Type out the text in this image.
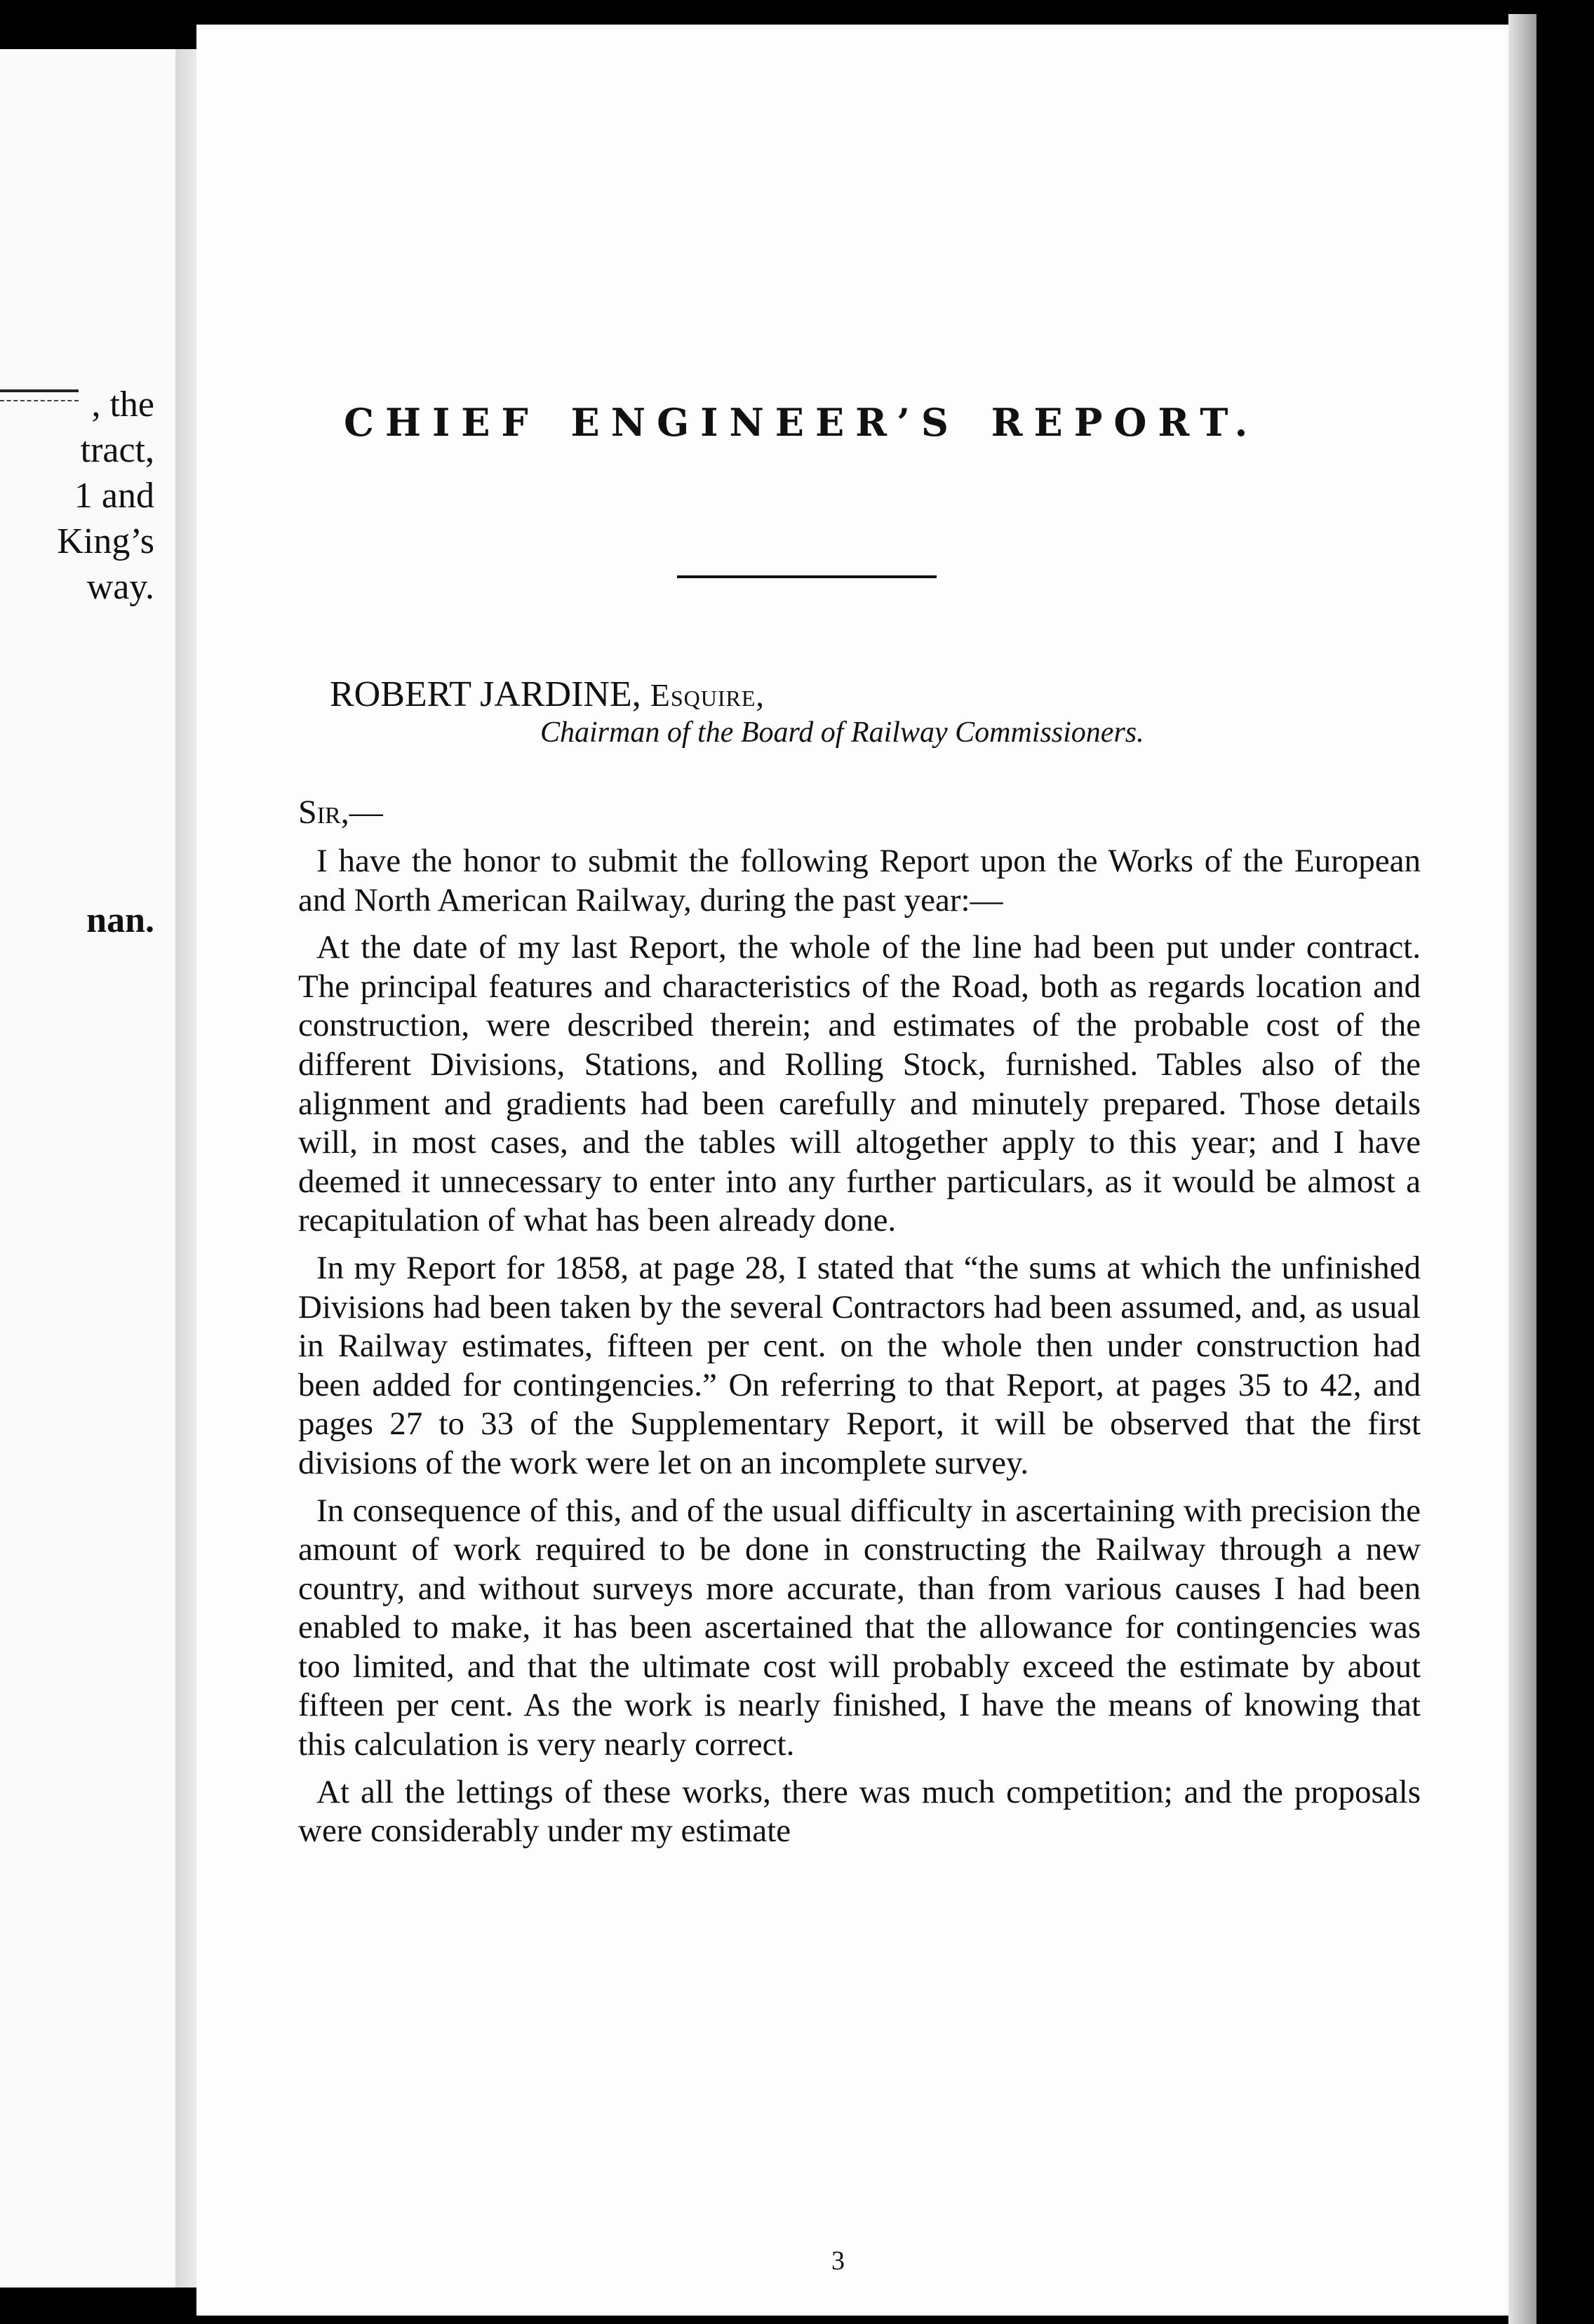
, the
tract,
1 and
King’s
way.
nan.
CHIEF ENGINEER’S REPORT.
ROBERT JARDINE, Esquire,
Chairman of the Board of Railway Commissioners.
Sir,—

I have the honor to submit the following Report upon the Works of the European and North American Railway, during the past year:—

At the date of my last Report, the whole of the line had been put under contract. The principal features and characteristics of the Road, both as regards location and construction, were described therein; and estimates of the probable cost of the different Divisions, Stations, and Rolling Stock, furnished. Tables also of the alignment and gradients had been carefully and minutely prepared. Those details will, in most cases, and the tables will altogether apply to this year; and I have deemed it unnecessary to enter into any further particulars, as it would be almost a recapitulation of what has been already done.

In my Report for 1858, at page 28, I stated that “the sums at which the unfinished Divisions had been taken by the several Contractors had been assumed, and, as usual in Railway estimates, fifteen per cent. on the whole then under construction had been added for contingencies.” On referring to that Report, at pages 35 to 42, and pages 27 to 33 of the Supplementary Report, it will be observed that the first divisions of the work were let on an incomplete survey.

In consequence of this, and of the usual difficulty in ascertaining with precision the amount of work required to be done in constructing the Railway through a new country, and without surveys more accurate, than from various causes I had been enabled to make, it has been ascertained that the allowance for contingencies was too limited, and that the ultimate cost will probably exceed the estimate by about fifteen per cent. As the work is nearly finished, I have the means of knowing that this calculation is very nearly correct.

At all the lettings of these works, there was much competition; and the proposals were considerably under my estimate

3
